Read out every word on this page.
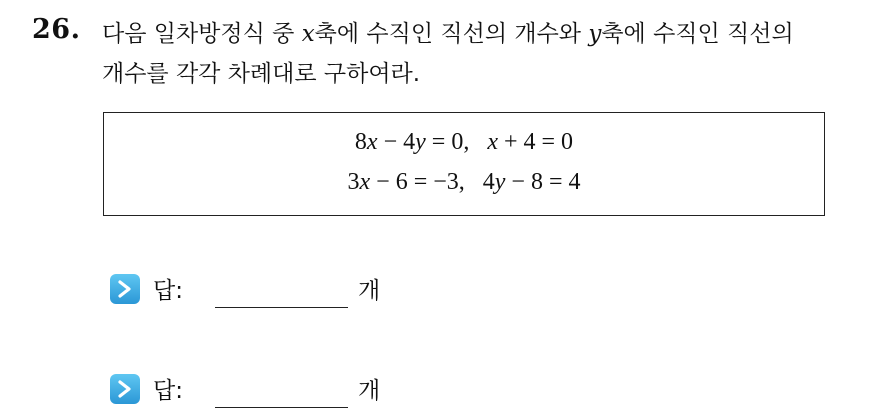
26. 다음 일차방정식 중 x축에 수직인 직선의 개수와 y축에 수직인 직선의
개수를 각각 차례대로 구하여라.
8x − 4y = 0,   x + 4 = 0
3x − 6 = −3,   4y − 8 = 4
답:	개
답:	개
